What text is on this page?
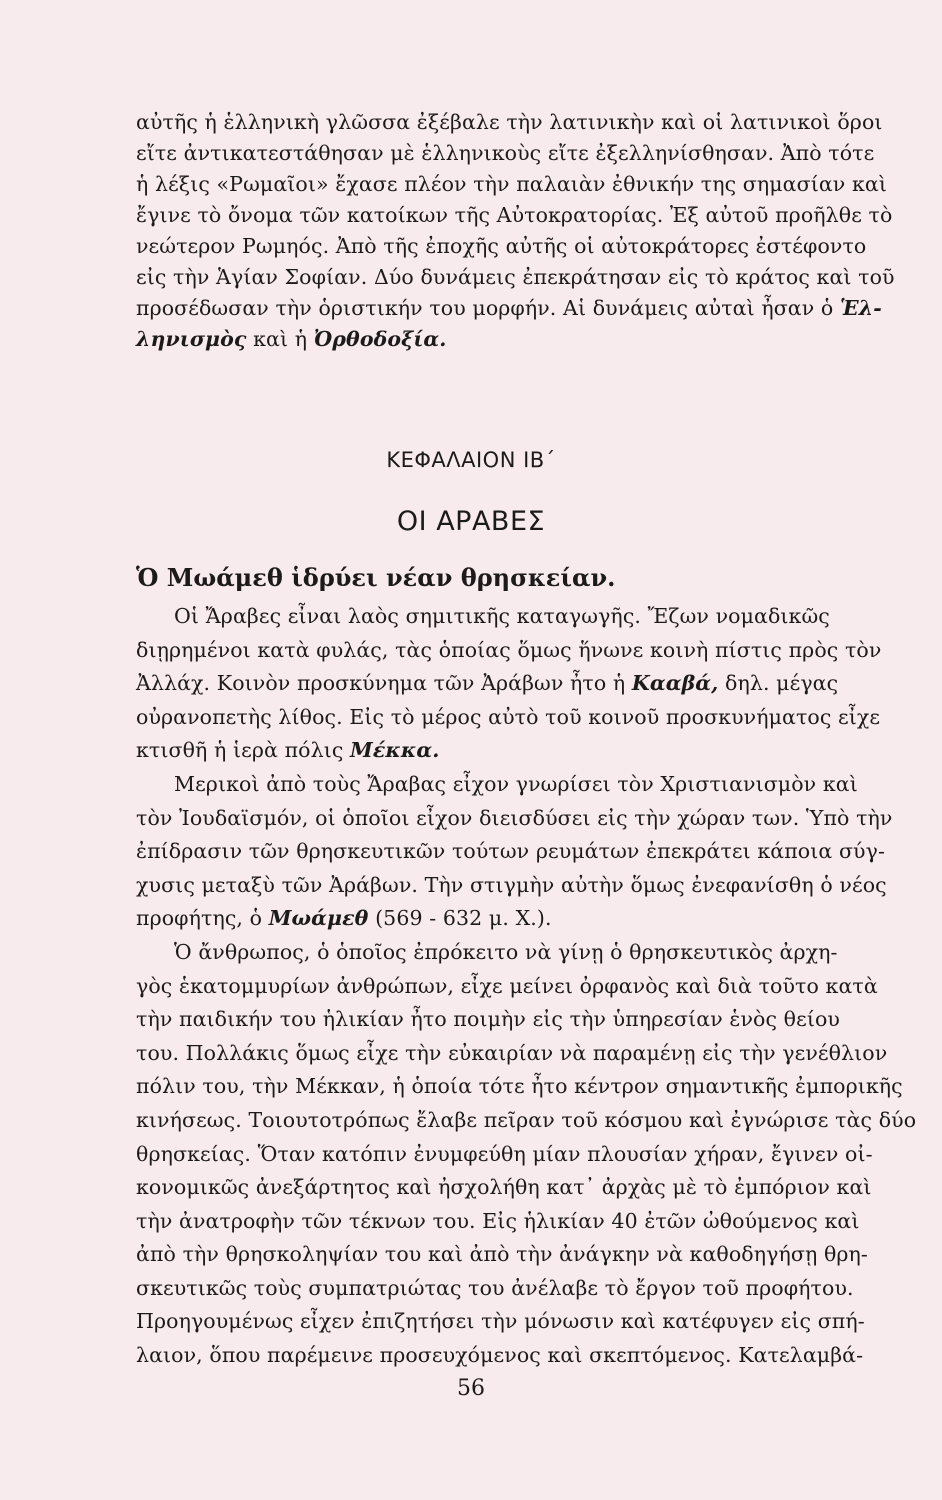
αὐτῆς ἡ ἑλληνικὴ γλῶσσα ἐξέβαλε τὴν λατινικὴν καὶ οἱ λατινικοὶ ὅροι
εἴτε ἀντικατεστάθησαν μὲ ἑλληνικοὺς εἴτε ἐξελληνίσθησαν. Ἀπὸ τότε
ἡ λέξις «Ρωμαῖοι» ἔχασε πλέον τὴν παλαιὰν ἐθνικήν της σημασίαν καὶ
ἔγινε τὸ ὄνομα τῶν κατοίκων τῆς Αὐτοκρατορίας. Ἐξ αὐτοῦ προῆλθε τὸ
νεώτερον Ρωμηός. Ἀπὸ τῆς ἐποχῆς αὐτῆς οἱ αὐτοκράτορες ἐστέφοντο
εἰς τὴν Ἁγίαν Σοφίαν. Δύο δυνάμεις ἐπεκράτησαν εἰς τὸ κράτος καὶ τοῦ
προσέδωσαν τὴν ὁριστικήν του μορφήν. Αἱ δυνάμεις αὐταὶ ἦσαν ὁ Ἑλ-
ληνισμὸς καὶ ἡ Ὀρθοδοξία.
ΚΕΦΑΛΑΙΟΝ ΙΒ΄
ΟΙ ΑΡΑΒΕΣ
Ὁ Μωάμεθ ἱδρύει νέαν θρησκείαν.
Οἱ Ἄραβες εἶναι λαὸς σημιτικῆς καταγωγῆς. Ἔζων νομαδικῶς
διῃρημένοι κατὰ φυλάς, τὰς ὁποίας ὅμως ἥνωνε κοινὴ πίστις πρὸς τὸν
Ἀλλάχ. Κοινὸν προσκύνημα τῶν Ἀράβων ἦτο ἡ Κααβά, δηλ. μέγας
οὐρανοπετὴς λίθος. Εἰς τὸ μέρος αὐτὸ τοῦ κοινοῦ προσκυνήματος εἶχε
κτισθῆ ἡ ἱερὰ πόλις Μέκκα.
Μερικοὶ ἀπὸ τοὺς Ἄραβας εἶχον γνωρίσει τὸν Χριστιανισμὸν καὶ
τὸν Ἰουδαϊσμόν, οἱ ὁποῖοι εἶχον διεισδύσει εἰς τὴν χώραν των. Ὑπὸ τὴν
ἐπίδρασιν τῶν θρησκευτικῶν τούτων ρευμάτων ἐπεκράτει κάποια σύγ-
χυσις μεταξὺ τῶν Ἀράβων. Τὴν στιγμὴν αὐτὴν ὅμως ἐνεφανίσθη ὁ νέος
προφήτης, ὁ Μωάμεθ (569 - 632 μ. Χ.).
Ὁ ἄνθρωπος, ὁ ὁποῖος ἐπρόκειτο νὰ γίνῃ ὁ θρησκευτικὸς ἀρχη-
γὸς ἑκατομμυρίων ἀνθρώπων, εἶχε μείνει ὀρφανὸς καὶ διὰ τοῦτο κατὰ
τὴν παιδικήν του ἡλικίαν ἦτο ποιμὴν εἰς τὴν ὑπηρεσίαν ἑνὸς θείου
του. Πολλάκις ὅμως εἶχε τὴν εὐκαιρίαν νὰ παραμένῃ εἰς τὴν γενέθλιον
πόλιν του, τὴν Μέκκαν, ἡ ὁποία τότε ἦτο κέντρον σημαντικῆς ἐμπορικῆς
κινήσεως. Τοιουτοτρόπως ἔλαβε πεῖραν τοῦ κόσμου καὶ ἐγνώρισε τὰς δύο
θρησκείας. Ὅταν κατόπιν ἐνυμφεύθη μίαν πλουσίαν χήραν, ἔγινεν οἰ-
κονομικῶς ἀνεξάρτητος καὶ ἠσχολήθη κατ᾿ ἀρχὰς μὲ τὸ ἐμπόριον καὶ
τὴν ἀνατροφὴν τῶν τέκνων του. Εἰς ἡλικίαν 40 ἐτῶν ὠθούμενος καὶ
ἀπὸ τὴν θρησκοληψίαν του καὶ ἀπὸ τὴν ἀνάγκην νὰ καθοδηγήσῃ θρη-
σκευτικῶς τοὺς συμπατριώτας του ἀνέλαβε τὸ ἔργον τοῦ προφήτου.
Προηγουμένως εἶχεν ἐπιζητήσει τὴν μόνωσιν καὶ κατέφυγεν εἰς σπή-
λαιον, ὅπου παρέμεινε προσευχόμενος καὶ σκεπτόμενος. Κατελαμβά-
56
